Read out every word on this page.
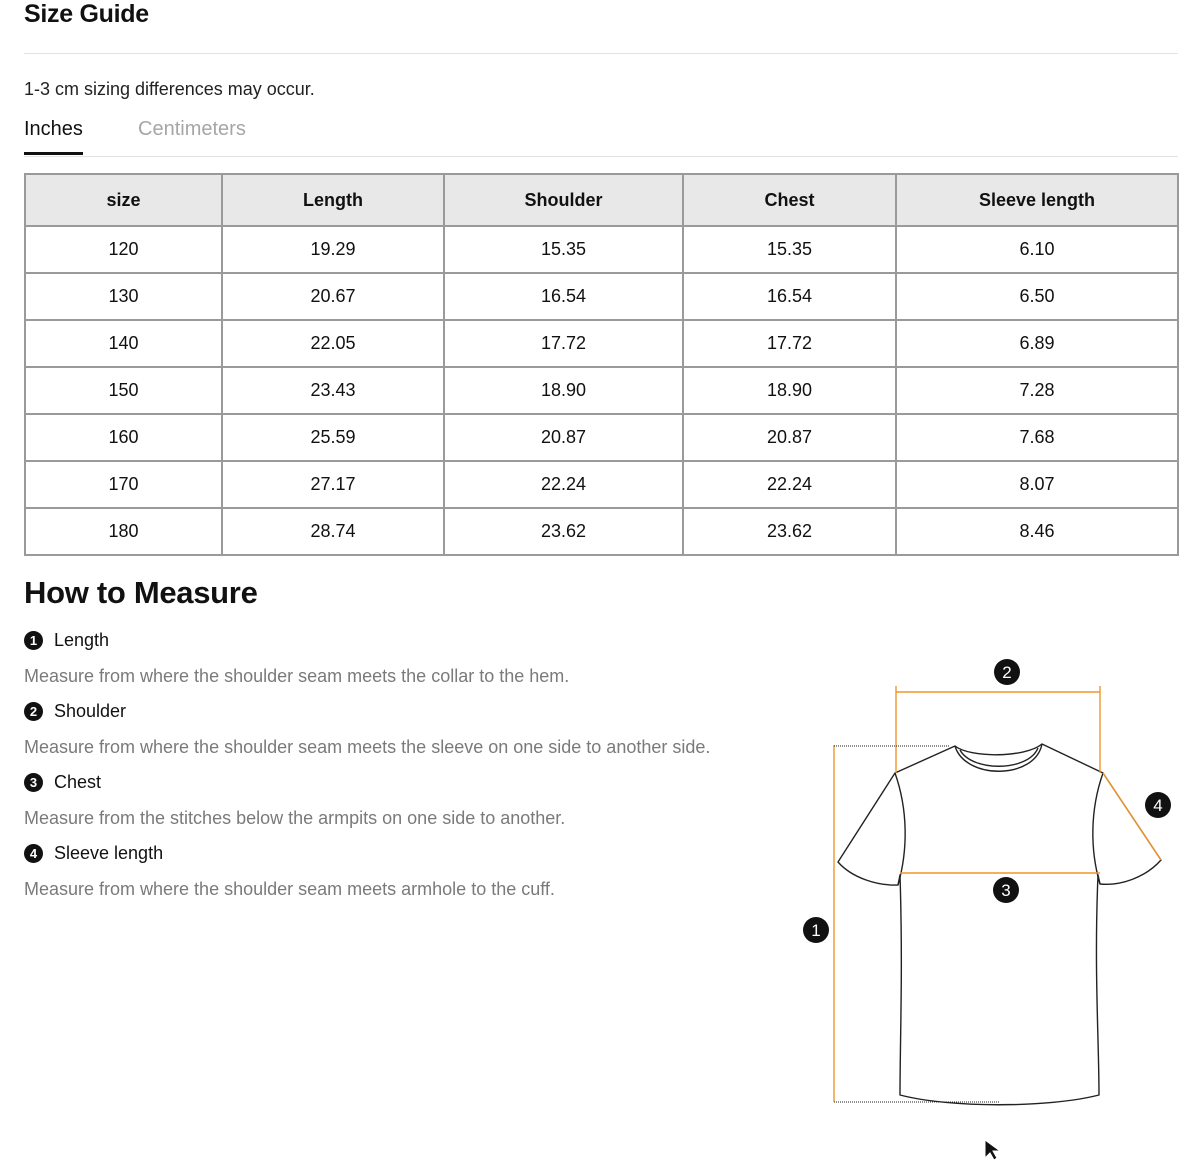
Size Guide
1-3 cm sizing differences may occur.
Inches	Centimeters
size	Length	Shoulder	Chest	Sleeve length
120	19.29	15.35	15.35	6.10
130	20.67	16.54	16.54	6.50
140	22.05	17.72	17.72	6.89
150	23.43	18.90	18.90	7.28
160	25.59	20.87	20.87	7.68
170	27.17	22.24	22.24	8.07
180	28.74	23.62	23.62	8.46
How to Measure
1 Length
Measure from where the shoulder seam meets the collar to the hem.
2 Shoulder
Measure from where the shoulder seam meets the sleeve on one side to another side.
3 Chest
Measure from the stitches below the armpits on one side to another.
4 Sleeve length
Measure from where the shoulder seam meets armhole to the cuff.
1
2
3
4
